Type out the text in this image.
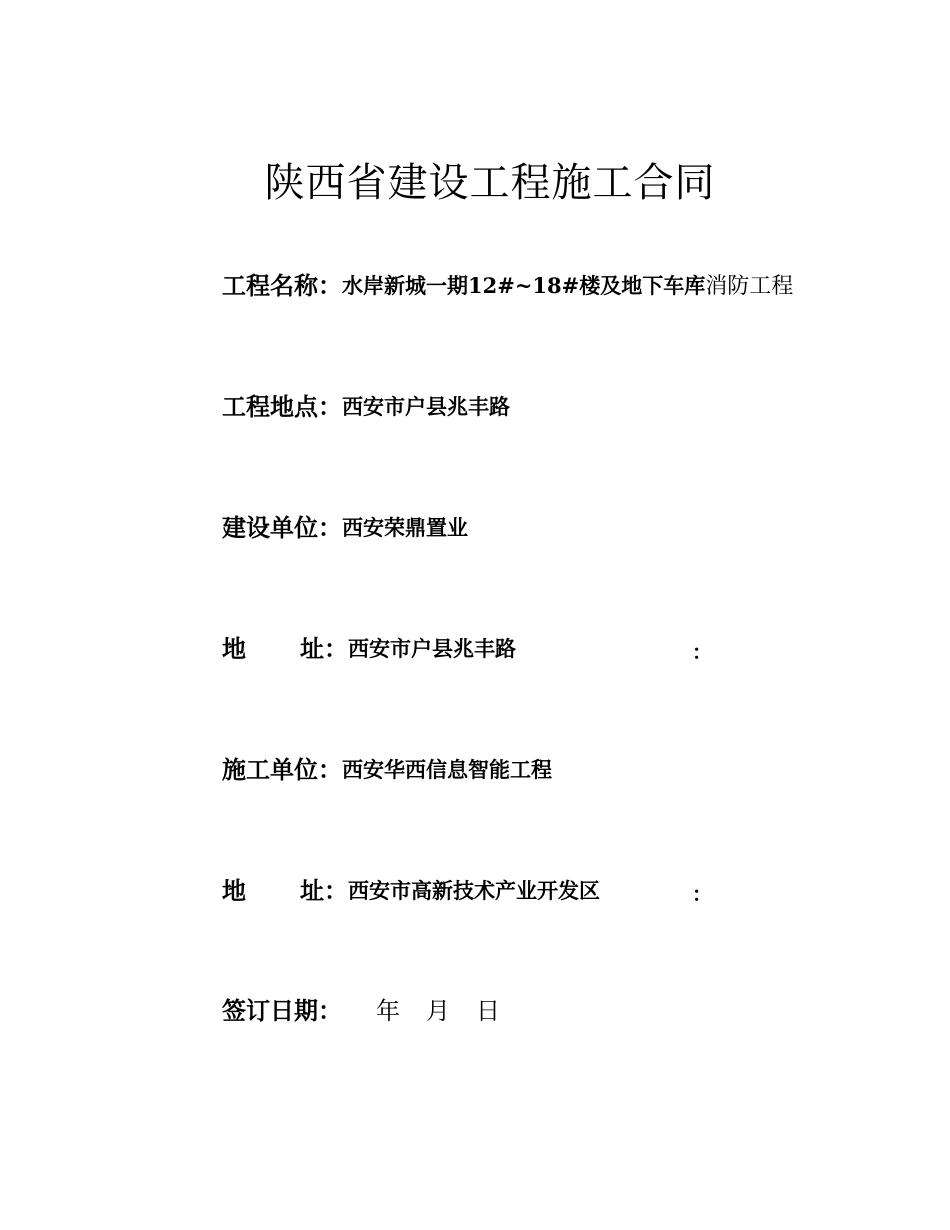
陕西省建设工程施工合同
工程名称：水岸新城一期12#~18#楼及地下车库消防工程
工程地点：西安市户县兆丰路
建设单位：西安荣鼎置业
地址：西安市户县兆丰路	：
施工单位：西安华西信息智能工程
地址：西安市高新技术产业开发区	：
签订日期： 年 月 日
